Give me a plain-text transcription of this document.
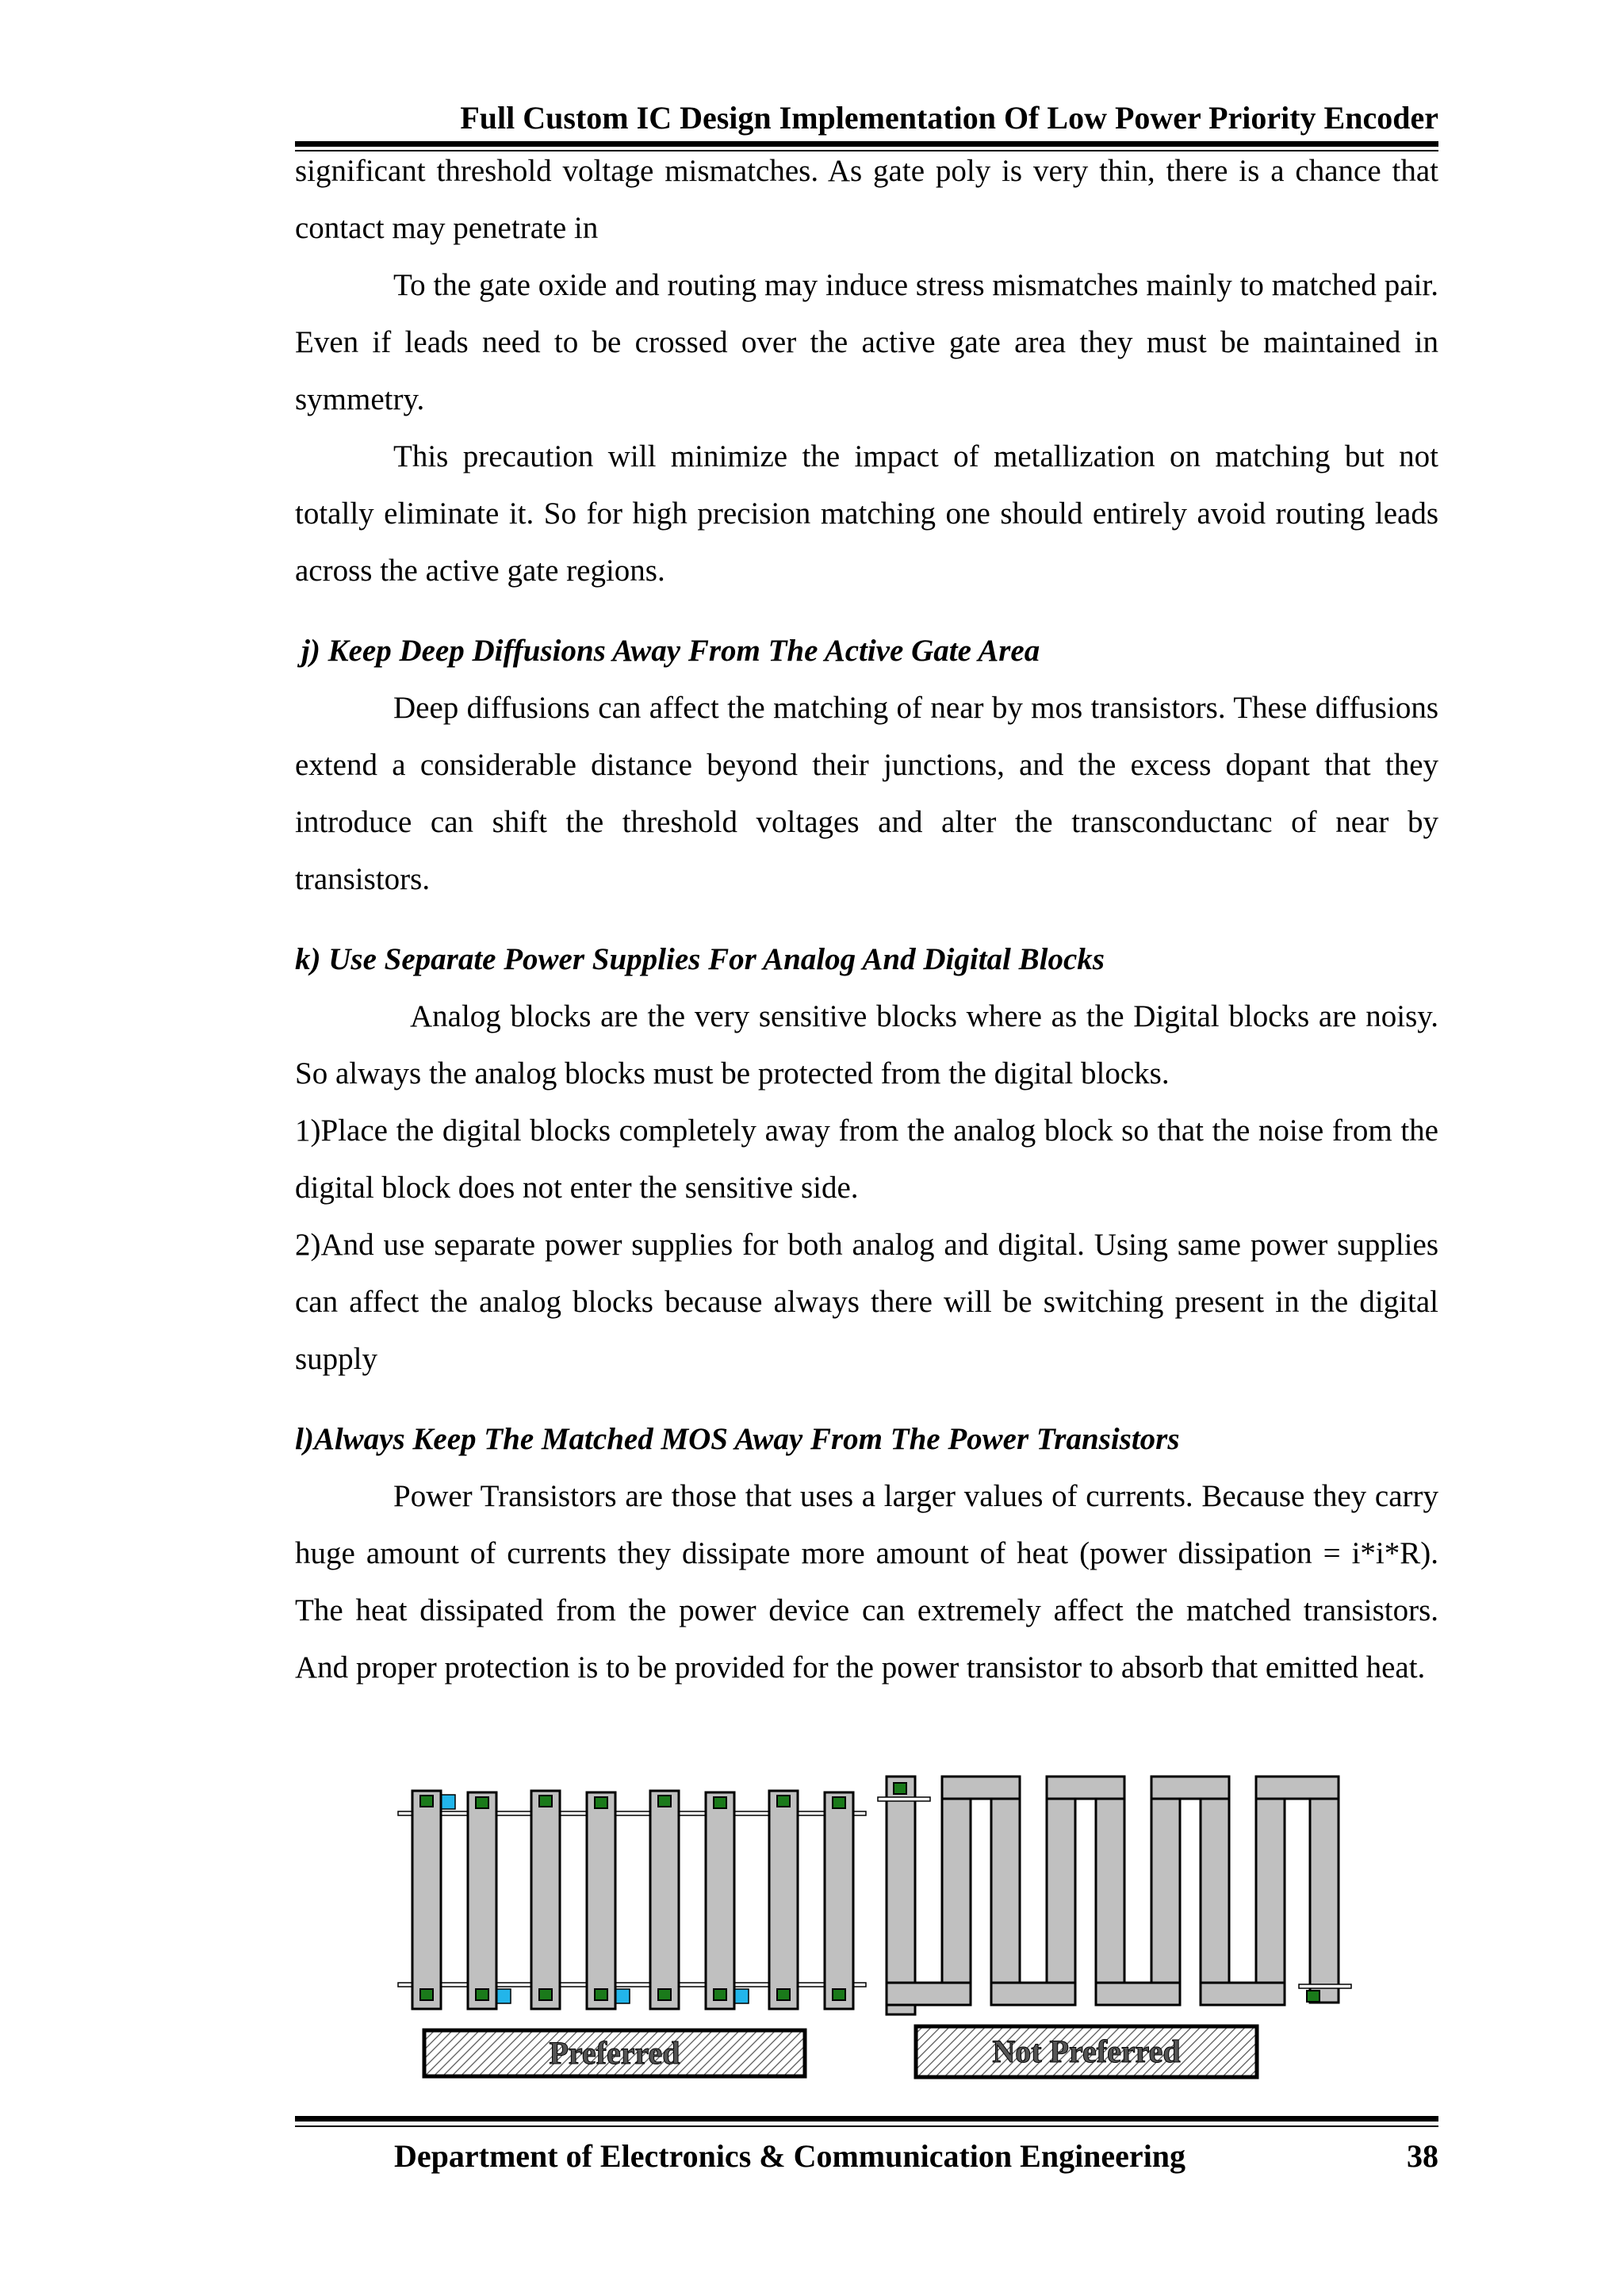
Full Custom IC Design Implementation Of Low Power Priority Encoder

significant threshold voltage mismatches. As gate poly is very thin, there is a chance that contact may penetrate in

To the gate oxide and routing may induce stress mismatches mainly to matched pair. Even if leads need to be crossed over the active gate area they must be maintained in symmetry.

This precaution will minimize the impact of metallization on matching but not totally eliminate it. So for high precision matching one should entirely avoid routing leads across the active gate regions.

j) Keep Deep Diffusions Away From The Active Gate Area

Deep diffusions can affect the matching of near by mos transistors. These diffusions extend a considerable distance beyond their junctions, and the excess dopant that they introduce can shift the threshold voltages and alter the transconductanc of near by transistors.

k) Use Separate Power Supplies For Analog And Digital Blocks

Analog blocks are the very sensitive blocks where as the Digital blocks are noisy. So always the analog blocks must be protected from the digital blocks.

1)Place the digital blocks completely away from the analog block so that the noise from the digital block does not enter the sensitive side.

2)And use separate power supplies for both analog and digital. Using same power supplies can affect the analog blocks because always there will be switching present in the digital supply

l)Always Keep The Matched MOS Away From The Power Transistors

Power Transistors are those that uses a larger values of currents. Because they carry huge amount of currents they dissipate more amount of heat (power dissipation = i*i*R). The heat dissipated from the power device can extremely affect the matched transistors. And proper protection is to be provided for the power transistor to absorb that emitted heat.

Preferred	Not Preferred
Department of Electronics & Communication Engineering	38
